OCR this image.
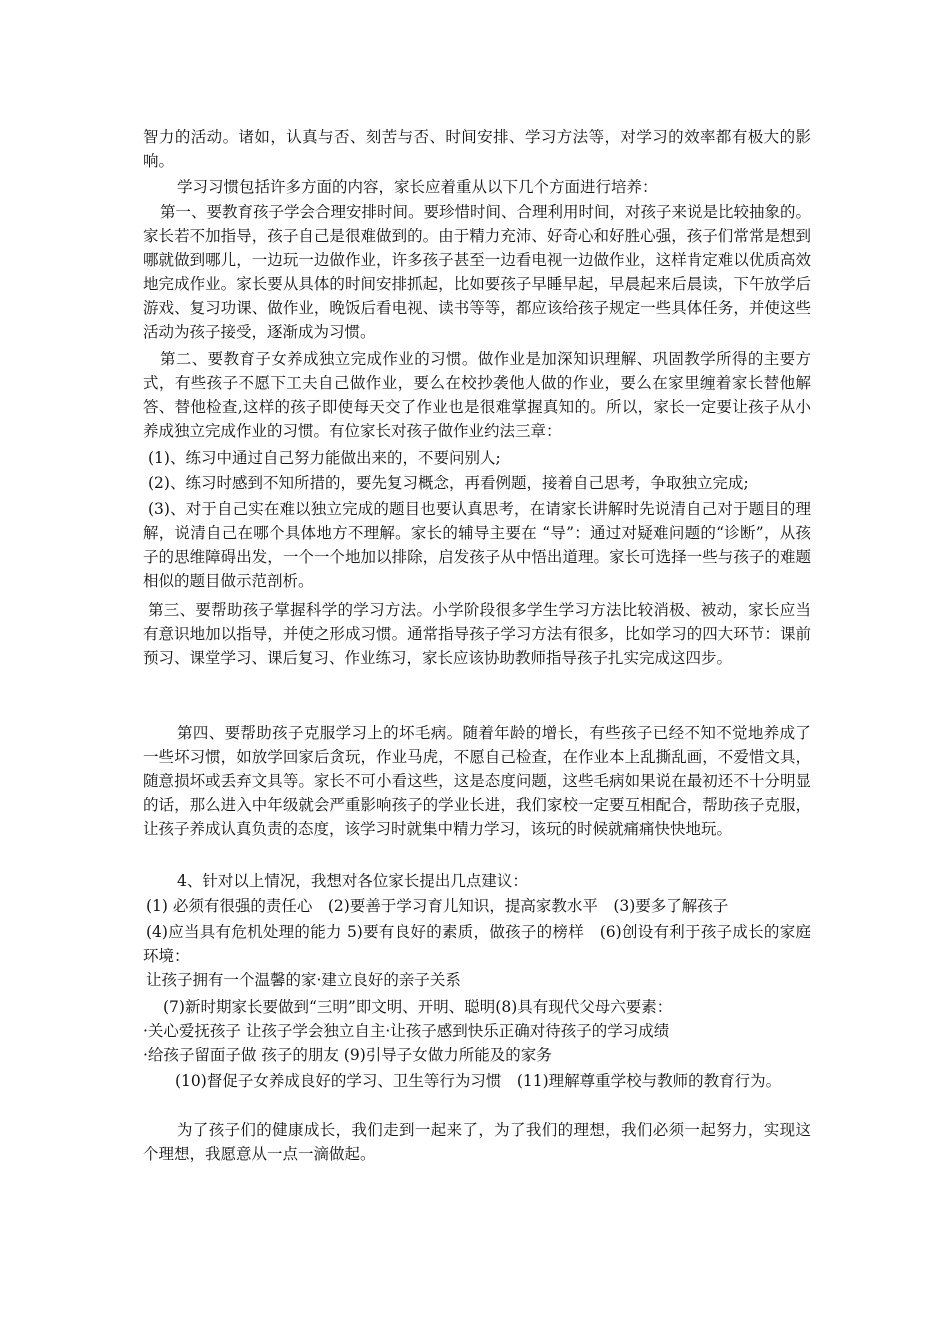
智力的活动。诸如，认真与否、刻苦与否、时间安排、学习方法等，对学习的效率都有极大的影响。

学习习惯包括许多方面的内容，家长应着重从以下几个方面进行培养：

第一、要教育孩子学会合理安排时间。要珍惜时间、合理利用时间，对孩子来说是比较抽象的。家长若不加指导，孩子自己是很难做到的。由于精力充沛、好奇心和好胜心强，孩子们常常是想到哪就做到哪儿，一边玩一边做作业，许多孩子甚至一边看电视一边做作业，这样肯定难以优质高效地完成作业。家长要从具体的时间安排抓起，比如要孩子早睡早起，早晨起来后晨读，下午放学后游戏、复习功课、做作业，晚饭后看电视、读书等等，都应该给孩子规定一些具体任务，并使这些活动为孩子接受，逐渐成为习惯。

第二、要教育子女养成独立完成作业的习惯。做作业是加深知识理解、巩固教学所得的主要方式，有些孩子不愿下工夫自己做作业，要么在校抄袭他人做的作业，要么在家里缠着家长替他解答、替他检查,这样的孩子即使每天交了作业也是很难掌握真知的。所以，家长一定要让孩子从小养成独立完成作业的习惯。有位家长对孩子做作业约法三章：

(1)、练习中通过自己努力能做出来的，不要问别人;

(2)、练习时感到不知所措的，要先复习概念，再看例题，接着自己思考，争取独立完成;

(3)、对于自己实在难以独立完成的题目也要认真思考，在请家长讲解时先说清自己对于题目的理解，说清自己在哪个具体地方不理解。家长的辅导主要在 “导”：通过对疑难问题的“诊断”，从孩子的思维障碍出发，一个一个地加以排除，启发孩子从中悟出道理。家长可选择一些与孩子的难题相似的题目做示范剖析。

第三、要帮助孩子掌握科学的学习方法。小学阶段很多学生学习方法比较消极、被动，家长应当有意识地加以指导，并使之形成习惯。通常指导孩子学习方法有很多，比如学习的四大环节：课前预习、课堂学习、课后复习、作业练习，家长应该协助教师指导孩子扎实完成这四步。

第四、要帮助孩子克服学习上的坏毛病。随着年龄的增长，有些孩子已经不知不觉地养成了一些坏习惯，如放学回家后贪玩，作业马虎，不愿自己检查，在作业本上乱撕乱画，不爱惜文具，随意损坏或丢弃文具等。家长不可小看这些，这是态度问题，这些毛病如果说在最初还不十分明显的话，那么进入中年级就会严重影响孩子的学业长进，我们家校一定要互相配合，帮助孩子克服，让孩子养成认真负责的态度，该学习时就集中精力学习，该玩的时候就痛痛快快地玩。

4、针对以上情况，我想对各位家长提出几点建议：

(1) 必须有很强的责任心　(2)要善于学习育儿知识，提高家教水平　(3)要多了解孩子

(4)应当具有危机处理的能力 5)要有良好的素质，做孩子的榜样　(6)创设有利于孩子成长的家庭环境：

让孩子拥有一个温馨的家·建立良好的亲子关系

(7)新时期家长要做到“三明”即文明、开明、聪明(8)具有现代父母六要素：

·关心爱抚孩子 让孩子学会独立自主·让孩子感到快乐正确对待孩子的学习成绩

·给孩子留面子做 孩子的朋友 (9)引导子女做力所能及的家务

(10)督促子女养成良好的学习、卫生等行为习惯　(11)理解尊重学校与教师的教育行为。

为了孩子们的健康成长，我们走到一起来了，为了我们的理想，我们必须一起努力，实现这个理想，我愿意从一点一滴做起。
